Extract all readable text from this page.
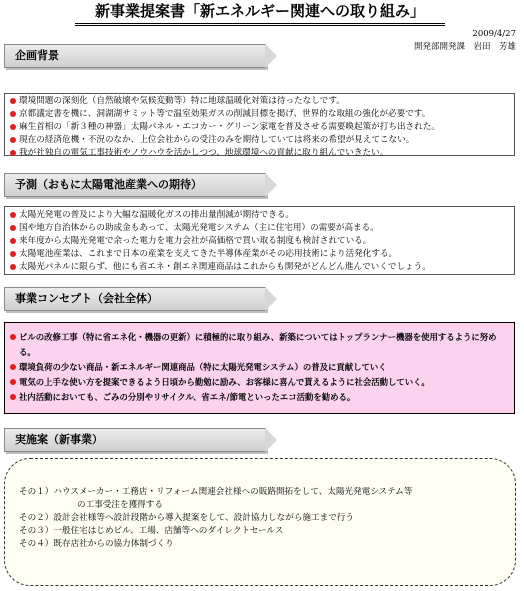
新事業提案書「新エネルギー関連への取り組み」
2009/4/27
開発部開発課　岩田　芳雄
企画背景
環境問題の深刻化（自然破壊や気候変動等）特に地球温暖化対策は待ったなしです。
京都議定書を機に、洞湖湖サミット等で温室効果ガスの削減目標を掲げ、世界的な取組の強化が必要です。
麻生首相の「新３種の神器」太陽パネル・エコカー・グリーン家電を普及させる需要喚起策が打ち出された。
現在の経済危機・不況のなか、上位会社からの受注のみを期待していては将来の希望が見えてこない。
我が社独自の電気工事技術やノウハウを活かしつつ、地球環境への貢献に取り組んでいきたい。
予測（おもに太陽電池産業への期待）
太陽光発電の普及により大幅な温暖化ガスの排出量削減が期待できる。
国や地方自治体からの助成金もあって、太陽光発電システム（主に住宅用）の需要が高まる。
来年度から太陽光発電で余った電力を電力会社が高価格で買い取る制度も検討されている。
太陽電池産業は、これまで日本の産業を支えてきた半導体産業がその応用技術により活発化する。
太陽光パネルに限らず、他にも省エネ・創エネ関連商品はこれからも開発がどんどん進んでいくでしょう。
事業コンセプト（会社全体）
ビルの改修工事（特に省エネ化・機器の更新）に積極的に取り組み、新築についてはトップランナー機器を使用するように努める。
環境負荷の少ない商品・新エネルギー関連商品（特に太陽光発電システム）の普及に貢献していく
電気の上手な使い方を提案できるよう日頃から勤勉に励み、お客様に喜んで貰えるように社会活動していく。
社内活動においても、ごみの分別やリサイクル、省エネ/節電といったエコ活動を勧める。
実施案（新事業）
その１）ハウスメーカー・工務店・リフォーム関連会社様への販路開拓をして、太陽光発電システム等
の工事受注を獲得する
その２）設計会社様等へ設計段階から導入提案をして、設計協力しながら施工まで行う
その３）一般住宅はじめビル、工場、店舗等へのダイレクトセールス
その４）既存店社からの協力体制づくり
